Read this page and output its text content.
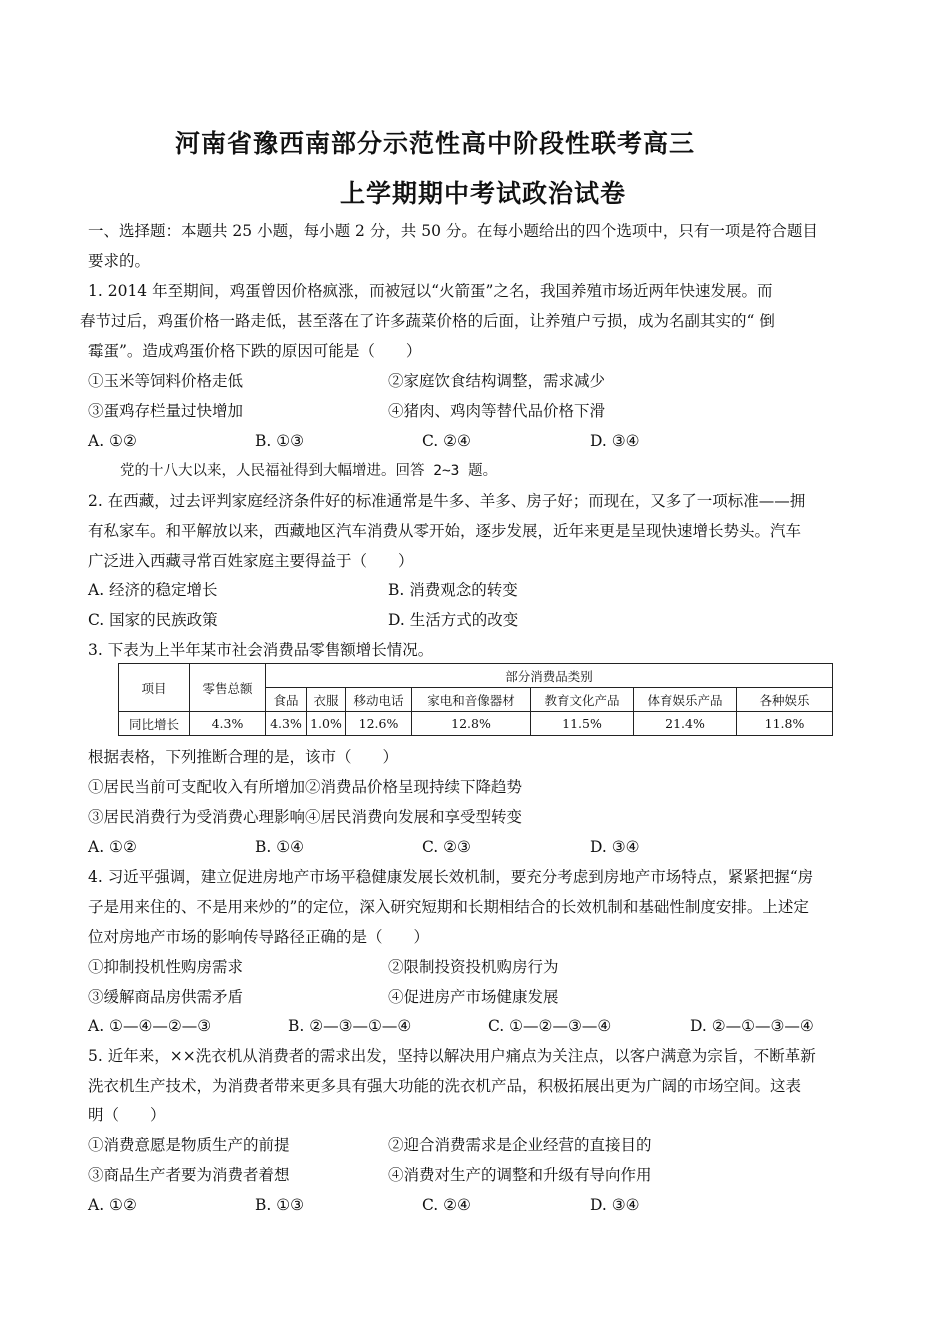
河南省豫西南部分示范性高中阶段性联考高三
上学期期中考试政治试卷
一、选择题：本题共 25 小题，每小题 2 分，共 50 分。在每小题给出的四个选项中，只有一项是符合题目
要求的。
1. 2014 年至期间，鸡蛋曾因价格疯涨，而被冠以“火箭蛋”之名，我国养殖市场近两年快速发展。而
春节过后，鸡蛋价格一路走低，甚至落在了许多蔬菜价格的后面，让养殖户亏损，成为名副其实的“ 倒
霉蛋”。造成鸡蛋价格下跌的原因可能是（　　）
①玉米等饲料价格走低	②家庭饮食结构调整，需求减少
③蛋鸡存栏量过快增加	④猪肉、鸡肉等替代品价格下滑
A. ①②	B. ①③	C. ②④	D. ③④
党的十八大以来，人民福祉得到大幅增进。回答 2~3 题。
2. 在西藏，过去评判家庭经济条件好的标准通常是牛多、羊多、房子好；而现在，又多了一项标准——拥
有私家车。和平解放以来，西藏地区汽车消费从零开始，逐步发展，近年来更是呈现快速增长势头。汽车
广泛进入西藏寻常百姓家庭主要得益于（　　）
A. 经济的稳定增长	B. 消费观念的转变
C. 国家的民族政策	D. 生活方式的改变
3. 下表为上半年某市社会消费品零售额增长情况。
项目	零售总额	部分消费品类别						
		食品	衣服	移动电话	家电和音像器材	教育文化产品	体育娱乐产品	各种娱乐
同比增长	4.3%	4.3%	1.0%	12.6%	12.8%	11.5%	21.4%	11.8%
根据表格，下列推断合理的是，该市（　　）
①居民当前可支配收入有所增加②消费品价格呈现持续下降趋势
③居民消费行为受消费心理影响④居民消费向发展和享受型转变
A. ①②	B. ①④	C. ②③	D. ③④
4. 习近平强调，建立促进房地产市场平稳健康发展长效机制，要充分考虑到房地产市场特点，紧紧把握“房
子是用来住的、不是用来炒的”的定位，深入研究短期和长期相结合的长效机制和基础性制度安排。上述定
位对房地产市场的影响传导路径正确的是（　　）
①抑制投机性购房需求	②限制投资投机购房行为
③缓解商品房供需矛盾	④促进房产市场健康发展
A. ①—④—②—③	B. ②—③—①—④	C. ①—②—③—④	D. ②—①—③—④
5. 近年来，××洗衣机从消费者的需求出发，坚持以解决用户痛点为关注点，以客户满意为宗旨，不断革新
洗衣机生产技术，为消费者带来更多具有强大功能的洗衣机产品，积极拓展出更为广阔的市场空间。这表
明（　　）
①消费意愿是物质生产的前提	②迎合消费需求是企业经营的直接目的
③商品生产者要为消费者着想	④消费对生产的调整和升级有导向作用
A. ①②	B. ①③	C. ②④	D. ③④
